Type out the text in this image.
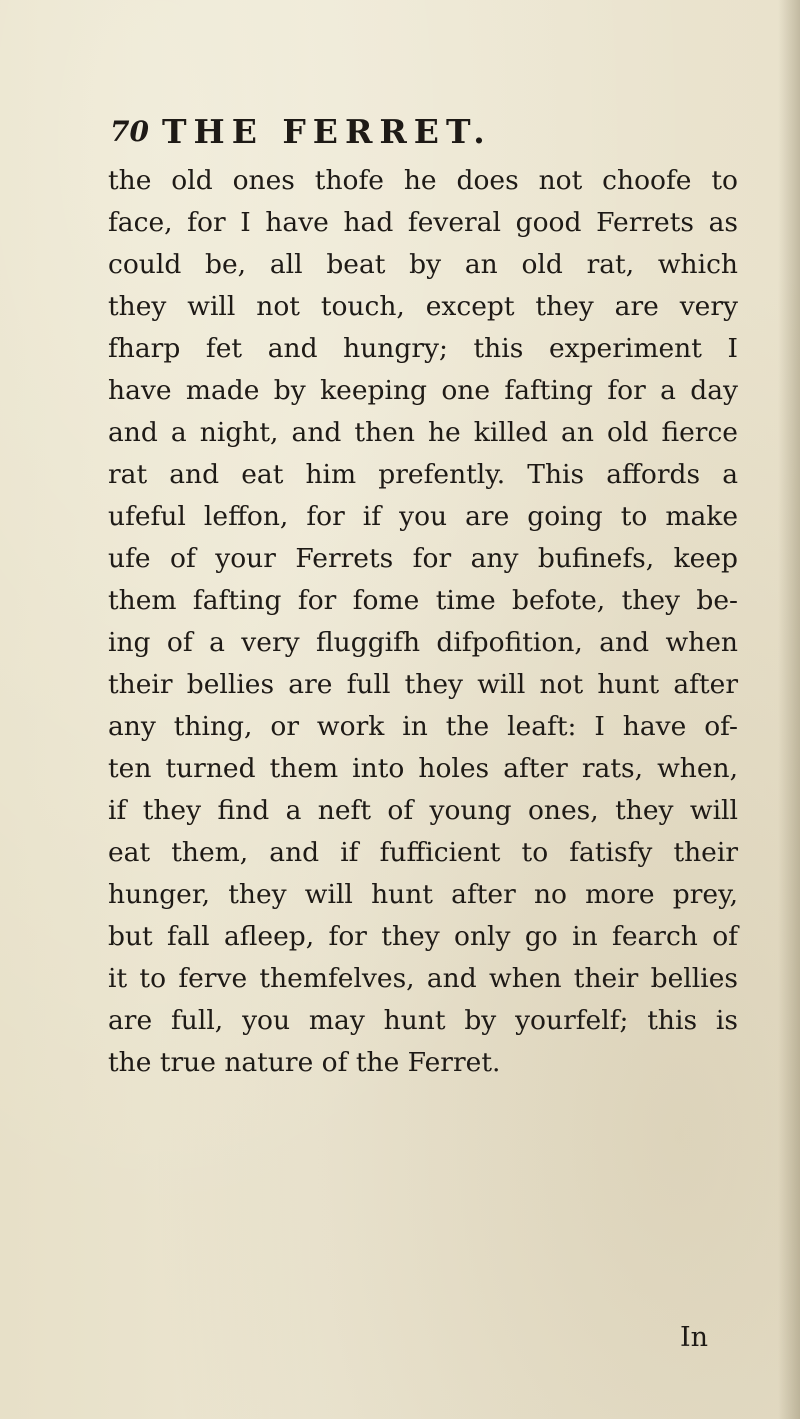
70 THE FERRET.
the old ones thofe he does not choofe to
face, for I have had feveral good Ferrets as
could be, all beat by an old rat, which
they will not touch, except they are very
fharp fet and hungry; this experiment I
have made by keeping one fafting for a day
and a night, and then he killed an old fierce
rat and eat him prefently. This affords a
ufeful leffon, for if you are going to make
ufe of your Ferrets for any bufinefs, keep
them fafting for fome time befote, they be-
ing of a very fluggifh difpofition, and when
their bellies are full they will not hunt after
any thing, or work in the leaft: I have of-
ten turned them into holes after rats, when,
if they find a neft of young ones, they will
eat them, and if fufficient to fatisfy their
hunger, they will hunt after no more prey,
but fall afleep, for they only go in fearch of
it to ferve themfelves, and when their bellies
are full, you may hunt by yourfelf; this is
the true nature of the Ferret.
In
